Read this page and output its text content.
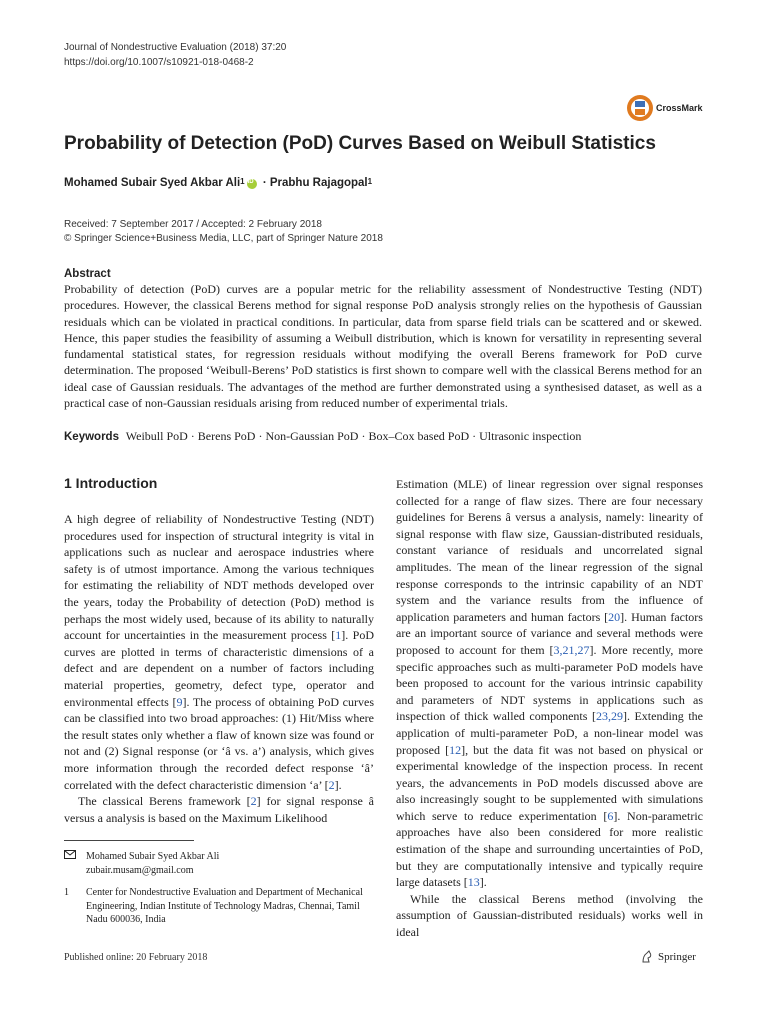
Journal of Nondestructive Evaluation (2018) 37:20
https://doi.org/10.1007/s10921-018-0468-2
CrossMark
Probability of Detection (PoD) Curves Based on Weibull Statistics
Mohamed Subair Syed Akbar Ali 1
iD · Prabhu Rajagopal 1
Received: 7 September 2017 / Accepted: 2 February 2018
© Springer Science+Business Media, LLC, part of Springer Nature 2018
Abstract
Probability of detection (PoD) curves are a popular metric for the reliability assessment of Nondestructive Testing (NDT) procedures. However, the classical Berens method for signal response PoD analysis strongly relies on the hypothesis of Gaussian residuals which can be violated in practical conditions. In particular, data from sparse field trials can be scattered and or skewed. Hence, this paper studies the feasibility of assuming a Weibull distribution, which is known for versatility in representing several fundamental statistical states, for regression residuals without modifying the overall Berens framework for PoD curve determination. The proposed ‘Weibull-Berens’ PoD statistics is first shown to compare well with the classical Berens method for an ideal case of Gaussian residuals. The advantages of the method are further demonstrated using a synthesised dataset, as well as a practical case of non-Gaussian residuals arising from reduced number of experimental trials.
Keywords Weibull PoD · Berens PoD · Non-Gaussian PoD · Box–Cox based PoD · Ultrasonic inspection
1 Introduction

A high degree of reliability of Nondestructive Testing (NDT) procedures used for inspection of structural integrity is vital in applications such as nuclear and aerospace industries where safety is of utmost importance. Among the various techniques for estimating the reliability of NDT methods developed over the years, today the Probability of detection (PoD) method is perhaps the most widely used, because of its ability to naturally account for uncertainties in the measurement process [1]. PoD curves are plotted in terms of characteristic dimensions of a defect and are dependent on a number of factors including material properties, geometry, defect type, operator and environmental effects [9]. The process of obtaining PoD curves can be classified into two broad approaches: (1) Hit/Miss where the result states only whether a flaw of known size was found or not and (2) Signal response (or ‘â vs. a’) analysis, which gives more information through the recorded defect response ‘â’ correlated with the defect characteristic dimension ‘a’ [2].

The classical Berens framework [2] for signal response â versus a analysis is based on the Maximum Likelihood

Estimation (MLE) of linear regression over signal responses collected for a range of flaw sizes. There are four necessary guidelines for Berens â versus a analysis, namely: linearity of signal response with flaw size, Gaussian-distributed residuals, constant variance of residuals and uncorrelated signal amplitudes. The mean of the linear regression of the signal response corresponds to the intrinsic capability of an NDT system and the variance results from the influence of application parameters and human factors [20]. Human factors are an important source of variance and several methods were proposed to account for them [3,21,27]. More recently, more specific approaches such as multi-parameter PoD models have been proposed to account for the various intrinsic capability and parameters of NDT systems in applications such as inspection of thick walled components [23,29]. Extending the application of multi-parameter PoD, a non-linear model was proposed [12], but the data fit was not based on physical or experimental knowledge of the inspection process. In recent years, the advancements in PoD models discussed above are also increasingly sought to be supplemented with simulations which serve to reduce experimentation [6]. Non-parametric approaches have also been considered for more realistic estimation of the shape and surrounding uncertainties of PoD, but they are computationally intensive and typically require large datasets [13].

While the classical Berens method (involving the assumption of Gaussian-distributed residuals) works well in ideal

Mohamed Subair Syed Akbar Ali
zubair.musam@gmail.com
1	Center for Nondestructive Evaluation and Department of Mechanical Engineering, Indian Institute of Technology Madras, Chennai, Tamil Nadu 600036, India
Published online: 20 February 2018	Springer
